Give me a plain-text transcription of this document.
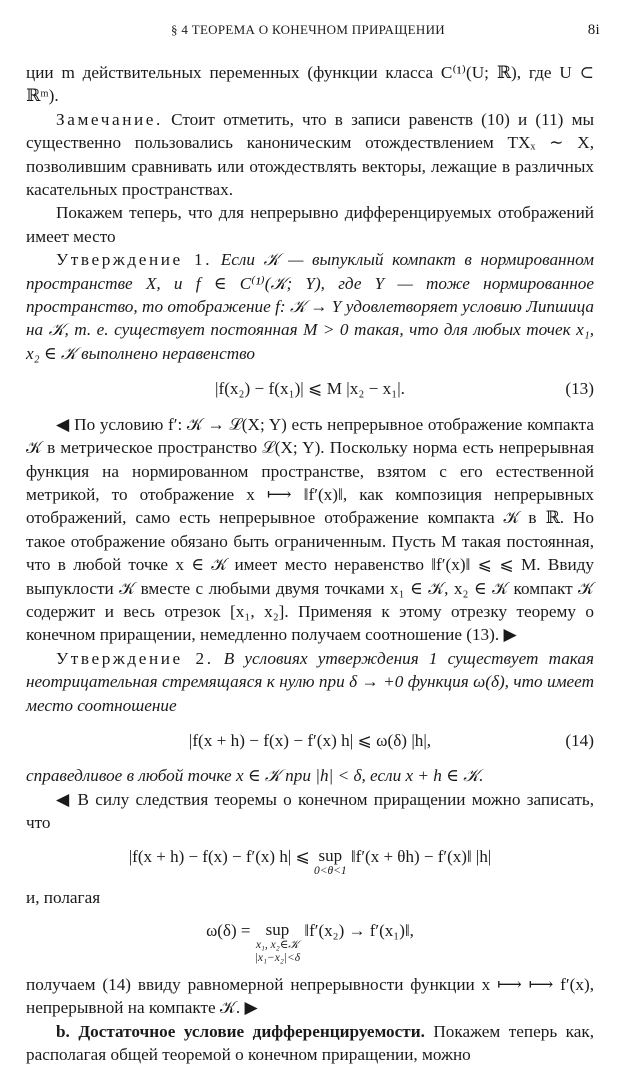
§ 4 ТЕОРЕМА О КОНЕЧНОМ ПРИРАЩЕНИИ	8і

ции m действительных переменных (функции класса C⁽¹⁾(U; ℝ), где U ⊂ ℝᵐ).

Замечание. Стоит отметить, что в записи равенств (10) и (11) мы существенно пользовались каноническим отождествлением TXₓ ∼ X, позволившим сравнивать или отождествлять векторы, лежащие в различных касательных пространствах.

Покажем теперь, что для непрерывно дифференцируемых отображений имеет место

Утверждение 1. Если 𝒦 — выпуклый компакт в нормированном пространстве X, и f ∈ C⁽¹⁾(𝒦; Y), где Y — тоже нормированное пространство, то отображение f: 𝒦 → Y удовлетворяет условию Липшица на 𝒦, т. е. существует постоянная M > 0 такая, что для любых точек x₁, x₂ ∈ 𝒦 выполнено неравенство

|f(x₂) − f(x₁)| ⩽ M |x₂ − x₁|.	(13)

◀ По условию f′: 𝒦 → ℒ(X; Y) есть непрерывное отображение компакта 𝒦 в метрическое пространство ℒ(X; Y). Поскольку норма есть непрерывная функция на нормированном пространстве, взятом с его естественной метрикой, то отображение x ⟼ ‖f′(x)‖, как композиция непрерывных отображений, само есть непрерывное отображение компакта 𝒦 в ℝ. Но такое отображение обязано быть ограниченным. Пусть M такая постоянная, что в любой точке x ∈ 𝒦 имеет место неравенство ‖f′(x)‖ ⩽ ⩽ M. Ввиду выпуклости 𝒦 вместе с любыми двумя точками x₁ ∈ 𝒦, x₂ ∈ 𝒦 компакт 𝒦 содержит и весь отрезок [x₁, x₂]. Применяя к этому отрезку теорему о конечном приращении, немедленно получаем соотношение (13). ▶

Утверждение 2. В условиях утверждения 1 существует такая неотрицательная стремящаяся к нулю при δ → +0 функция ω(δ), что имеет место соотношение

|f(x + h) − f(x) − f′(x) h| ⩽ ω(δ) |h|,	(14)

справедливое в любой точке x ∈ 𝒦 при |h| < δ, если x + h ∈ 𝒦.

◀ В силу следствия теоремы о конечном приращении можно записать, что

|f(x + h) − f(x) − f′(x) h| ⩽ sup
0<θ<1
‖f′(x + θh) − f′(x)‖ |h|

и, полагая

ω(δ) = sup
x₁, x₂∈𝒦
|x₁−x₂|<δ
‖f′(x₂) → f′(x₁)‖,

получаем (14) ввиду равномерной непрерывности функции x ⟼ ⟼ f′(x), непрерывной на компакте 𝒦. ▶

b. Достаточное условие дифференцируемости. Покажем теперь как, располагая общей теоремой о конечном приращении, можно
